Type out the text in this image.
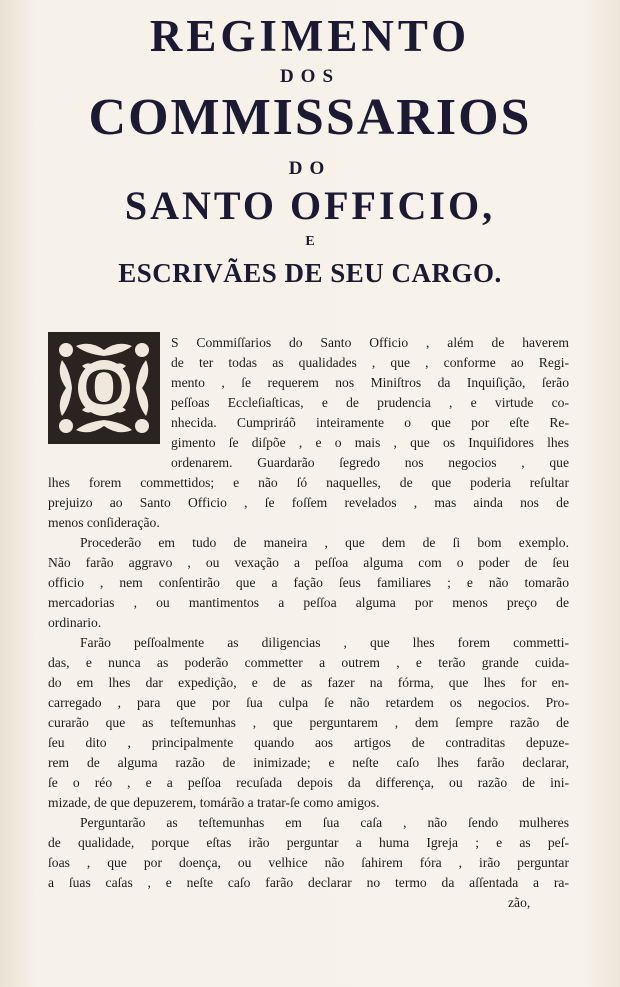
REGIMENTO
DOS
COMMISSARIOS
DO
SANTO OFFICIO,
E
ESCRIVÃES DE SEU CARGO.
O

S Commiſſarios do Santo Officio , além de haverem

de ter todas as qualidades , que , conforme ao Regi-

mento , ſe requerem nos Miniſtros da Inquiſição, ſerão

peſſoas Eccleſiaſticas, e de prudencia , e virtude co-

nhecida. Cumpriráõ inteiramente o que por eſte Re-

gimento ſe diſpõe , e o mais , que os Inquiſidores lhes

ordenarem. Guardarão ſegredo nos negocios , que

lhes forem commettidos; e não ſó naquelles, de que poderia reſultar

prejuizo ao Santo Officio , ſe foſſem revelados , mas ainda nos de

menos conſideração.

Procederão em tudo de maneira , que dem de ſi bom exemplo.

Não farão aggravo , ou vexação a peſſoa alguma com o poder de ſeu

officio , nem conſentirão que a fação ſeus familiares ; e não tomarão

mercadorias , ou mantimentos a peſſoa alguma por menos preço de

ordinario.

Farão peſſoalmente as diligencias , que lhes forem commetti-

das, e nunca as poderão commetter a outrem , e terão grande cuida-

do em lhes dar expedição, e de as fazer na fórma, que lhes for en-

carregado , para que por ſua culpa ſe não retardem os negocios. Pro-

curarão que as teſtemunhas , que perguntarem , dem ſempre razão de

ſeu dito , principalmente quando aos artigos de contraditas depuze-

rem de alguma razão de inimizade; e neſte caſo lhes farão declarar,

ſe o réo , e a peſſoa recuſada depois da differença, ou razão de ini-

mizade, de que depuzerem, tomárão a tratar-ſe como amigos.

Perguntarão as teſtemunhas em ſua caſa , não ſendo mulheres

de qualidade, porque eſtas irão perguntar a huma Igreja ; e as peſ-

ſoas , que por doença, ou velhice não ſahirem fóra , irão perguntar

a ſuas caſas , e neſte caſo farão declarar no termo da aſſentada a ra-

zão,
